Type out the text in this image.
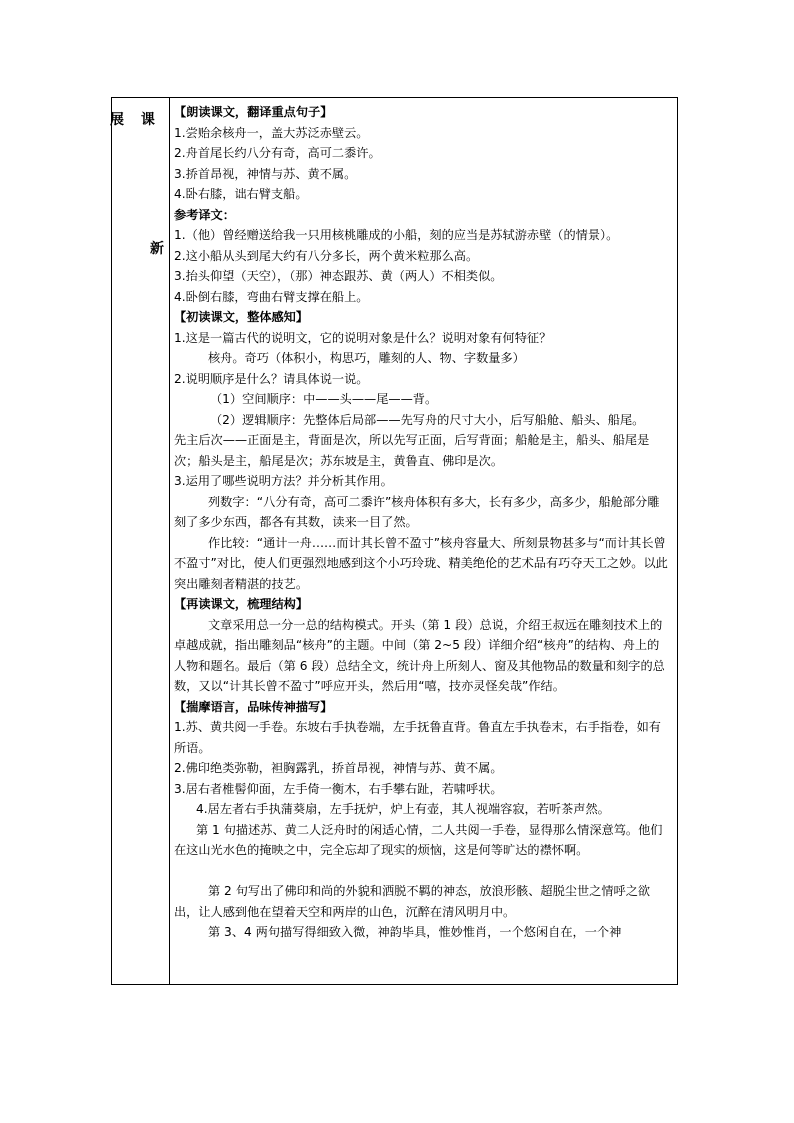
展 课
新
【朗读课文，翻译重点句子】
1.尝贻余核舟一，盖大苏泛赤壁云。
2.舟首尾长约八分有奇，高可二黍许。
3.挢首昂视，神情与苏、黄不属。
4.卧右膝，诎右臂支船。
参考译文：
1.（他）曾经赠送给我一只用核桃雕成的小船，刻的应当是苏轼游赤壁（的情景）。
2.这小船从头到尾大约有八分多长，两个黄米粒那么高。
3.抬头仰望（天空），（那）神态跟苏、黄（两人）不相类似。
4.卧倒右膝，弯曲右臂支撑在船上。
【初读课文，整体感知】
1.这是一篇古代的说明文，它的说明对象是什么？说明对象有何特征？
核舟。奇巧（体积小，构思巧，雕刻的人、物、字数量多）
2.说明顺序是什么？请具体说一说。
（1）空间顺序：中——头——尾——背。
（2）逻辑顺序：先整体后局部——先写舟的尺寸大小，后写船舱、船头、船尾。
先主后次——正面是主，背面是次，所以先写正面，后写背面；船舱是主，船头、船尾是次；船头是主，船尾是次；苏东坡是主，黄鲁直、佛印是次。
3.运用了哪些说明方法？并分析其作用。
列数字：“八分有奇，高可二黍许”核舟体积有多大，长有多少，高多少，船舱部分雕刻了多少东西，都各有其数，读来一目了然。
作比较：“通计一舟……而计其长曾不盈寸”核舟容量大、所刻景物甚多与“而计其长曾不盈寸”对比，使人们更强烈地感到这个小巧玲珑、精美绝伦的艺术品有巧夺天工之妙。以此突出雕刻者精湛的技艺。
【再读课文，梳理结构】
文章采用总一分一总的结构模式。开头（第 1 段）总说，介绍王叔远在雕刻技术上的卓越成就，指出雕刻品“核舟”的主题。中间（第 2~5 段）详细介绍“核舟”的结构、舟上的人物和题名。最后（第 6 段）总结全文，统计舟上所刻人、窗及其他物品的数量和刻字的总数，又以“计其长曾不盈寸”呼应开头，然后用“嘻，技亦灵怪矣哉”作结。
【揣摩语言，品味传神描写】
1.苏、黄共阅一手卷。东坡右手执卷端，左手抚鲁直背。鲁直左手执卷末，右手指卷，如有所语。
2.佛印绝类弥勒，袒胸露乳，挢首昂视，神情与苏、黄不属。
3.居右者椎髻仰面，左手倚一衡木，右手攀右趾，若啸呼状。
4.居左者右手执蒲葵扇，左手抚炉，炉上有壶，其人视端容寂，若听茶声然。
第 1 句描述苏、黄二人泛舟时的闲适心情，二人共阅一手卷，显得那么情深意笃。他们在这山光水色的掩映之中，完全忘却了现实的烦恼，这是何等旷达的襟怀啊。
第 2 句写出了佛印和尚的外貌和洒脱不羁的神态，放浪形骸、超脱尘世之情呼之欲出，让人感到他在望着天空和两岸的山色，沉醉在清风明月中。
第 3、4 两句描写得细致入微，神韵毕具，惟妙惟肖，一个悠闲自在，一个神
